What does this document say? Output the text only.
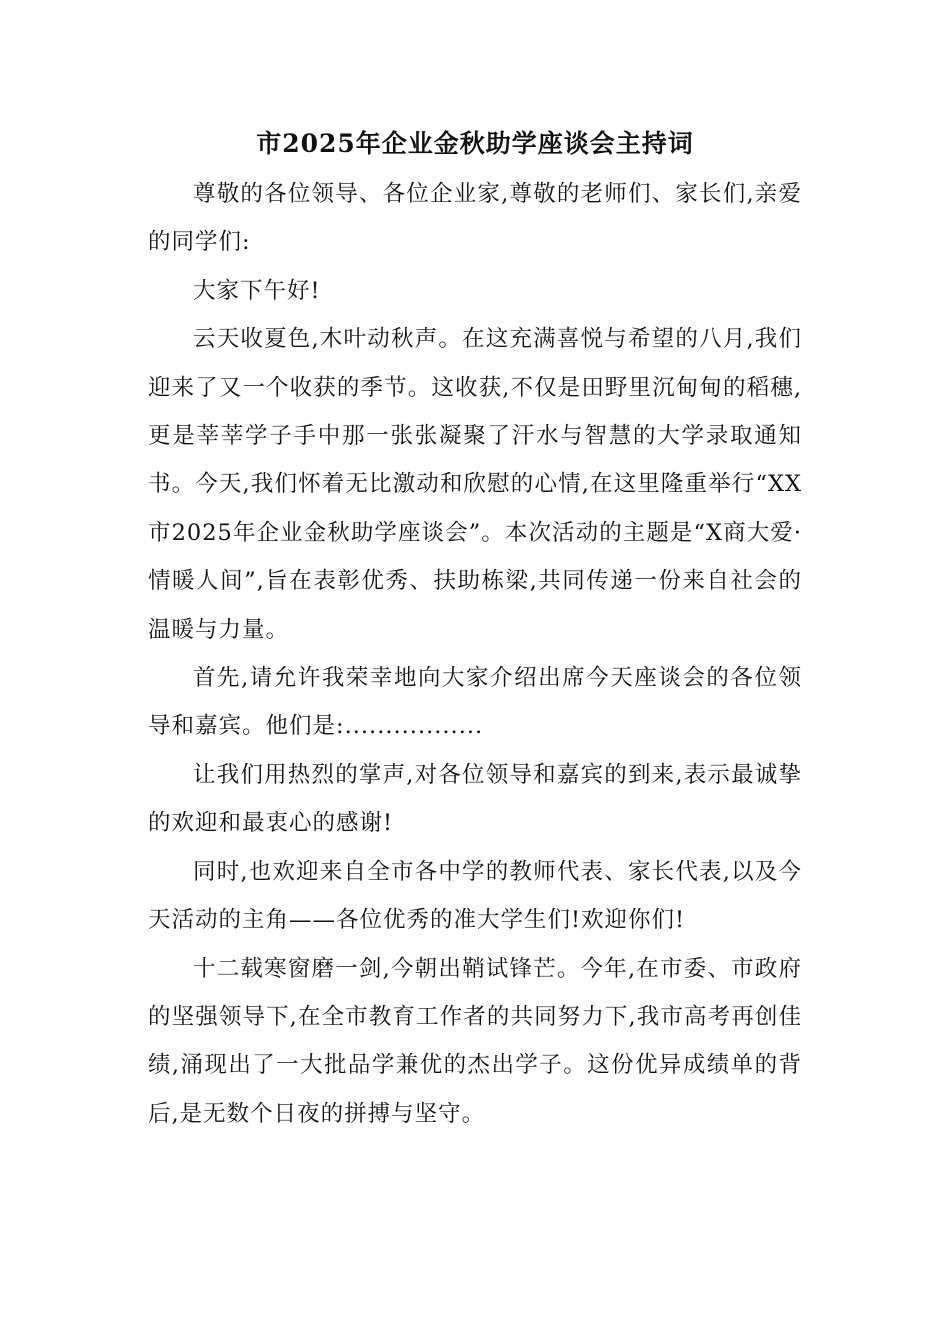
市2025年企业金秋助学座谈会主持词

尊敬的各位领导、各位企业家,尊敬的老师们、家长们,亲爱的同学们:

大家下午好!

云天收夏色,木叶动秋声。在这充满喜悦与希望的八月,我们迎来了又一个收获的季节。这收获,不仅是田野里沉甸甸的稻穗,更是莘莘学子手中那一张张凝聚了汗水与智慧的大学录取通知书。今天,我们怀着无比激动和欣慰的心情,在这里隆重举行“XX市2025年企业金秋助学座谈会”。本次活动的主题是“X商大爱·情暖人间”,旨在表彰优秀、扶助栋梁,共同传递一份来自社会的温暖与力量。

首先,请允许我荣幸地向大家介绍出席今天座谈会的各位领导和嘉宾。他们是:.................

让我们用热烈的掌声,对各位领导和嘉宾的到来,表示最诚挚的欢迎和最衷心的感谢!

同时,也欢迎来自全市各中学的教师代表、家长代表,以及今天活动的主角——各位优秀的准大学生们!欢迎你们!

十二载寒窗磨一剑,今朝出鞘试锋芒。今年,在市委、市政府的坚强领导下,在全市教育工作者的共同努力下,我市高考再创佳绩,涌现出了一大批品学兼优的杰出学子。这份优异成绩单的背后,是无数个日夜的拼搏与坚守。
